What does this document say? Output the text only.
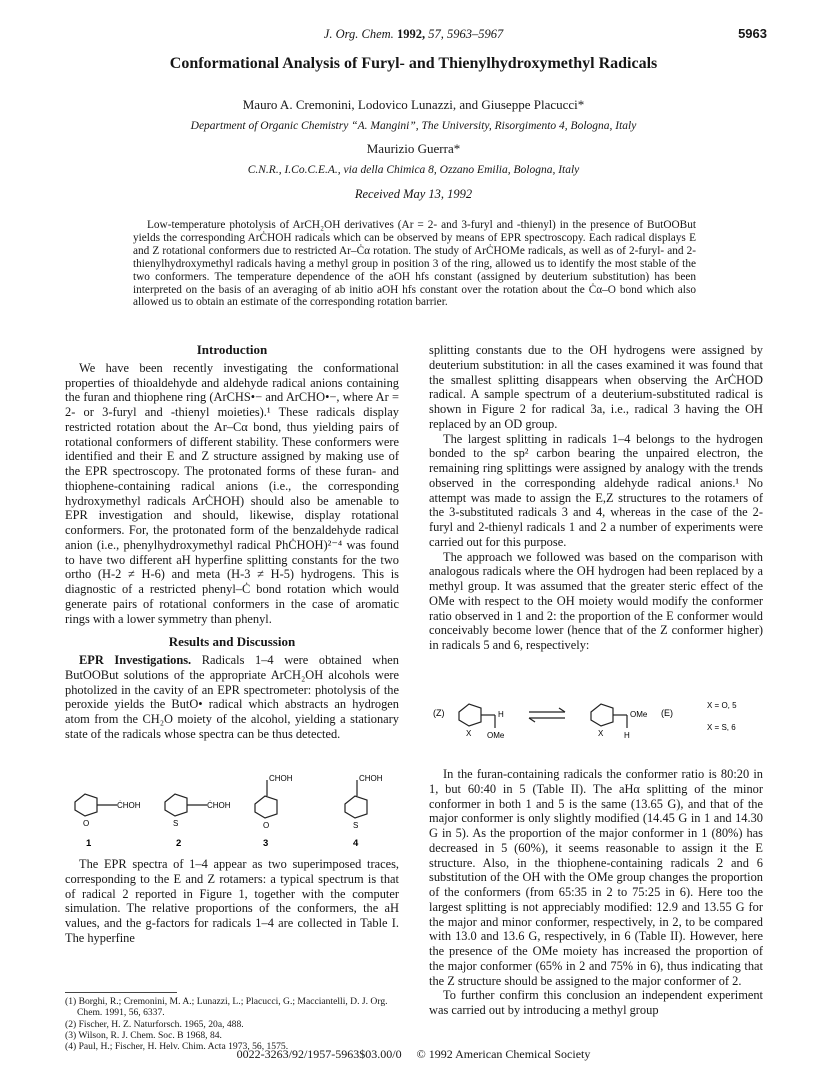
J. Org. Chem. 1992, 57, 5963–5967	5963
Conformational Analysis of Furyl- and Thienylhydroxymethyl Radicals
Mauro A. Cremonini, Lodovico Lunazzi, and Giuseppe Placucci*
Department of Organic Chemistry “A. Mangini”, The University, Risorgimento 4, Bologna, Italy
Maurizio Guerra*
C.N.R., I.Co.C.E.A., via della Chimica 8, Ozzano Emilia, Bologna, Italy
Received May 13, 1992
Low-temperature photolysis of ArCH₂OH derivatives (Ar = 2- and 3-furyl and -thienyl) in the presence of ButOOBut yields the corresponding ArĊHOH radicals which can be observed by means of EPR spectroscopy. Each radical displays E and Z rotational conformers due to restricted Ar–Ċα rotation. The study of ArĊHOMe radicals, as well as of 2-furyl- and 2-thienylhydroxymethyl radicals having a methyl group in position 3 of the ring, allowed us to identify the most stable of the two conformers. The temperature dependence of the aOH hfs constant (assigned by deuterium substitution) has been interpreted on the basis of an averaging of ab initio aOH hfs constant over the rotation about the Ċα–O bond which also allowed us to obtain an estimate of the corresponding rotation barrier.
Introduction

We have been recently investigating the conformational properties of thioaldehyde and aldehyde radical anions containing the furan and thiophene ring (ArCHS•− and ArCHO•−, where Ar = 2- or 3-furyl and -thienyl moieties).¹ These radicals display restricted rotation about the Ar–Cα bond, thus yielding pairs of rotational conformers of different stability. These conformers were identified and their E and Z structure assigned by making use of the EPR spectroscopy. The protonated forms of these furan- and thiophene-containing radical anions (i.e., the corresponding hydroxymethyl radicals ArĊHOH) should also be amenable to EPR investigation and should, likewise, display rotational conformers. For, the protonated form of the benzaldehyde radical anion (i.e., phenylhydroxymethyl radical PhĊHOH)²⁻⁴ was found to have two different aH hyperfine splitting constants for the two ortho (H-2 ≠ H-6) and meta (H-3 ≠ H-5) hydrogens. This is diagnostic of a restricted phenyl–Ċ bond rotation which would generate pairs of rotational conformers in the case of aromatic rings with a lower symmetry than phenyl.

Results and Discussion

EPR Investigations. Radicals 1–4 were obtained when ButOOBut solutions of the appropriate ArCH₂OH alcohols were photolized in the cavity of an EPR spectrometer: photolysis of the peroxide yields the ButO• radical which abstracts an hydrogen atom from the CH₂O moiety of the alcohol, yielding a stationary state of the radicals whose spectra can be thus detected.

O
ĊHOH
1
S
ĊHOH
2
ĊHOH
O
3
ĊHOH
S
4

The EPR spectra of 1–4 appear as two superimposed traces, corresponding to the E and Z rotamers: a typical spectrum is that of radical 2 reported in Figure 1, together with the computer simulation. The relative proportions of the conformers, the aH values, and the g-factors for radicals 1–4 are collected in Table I. The hyperfine

(1) Borghi, R.; Cremonini, M. A.; Lunazzi, L.; Placucci, G.; Macciantelli, D. J. Org. Chem. 1991, 56, 6337.
(2) Fischer, H. Z. Naturforsch. 1965, 20a, 488.
(3) Wilson, R. J. Chem. Soc. B 1968, 84.
(4) Paul, H.; Fischer, H. Helv. Chim. Acta 1973, 56, 1575.

splitting constants due to the OH hydrogens were assigned by deuterium substitution: in all the cases examined it was found that the smallest splitting disappears when observing the ArĊHOD radical. A sample spectrum of a deuterium-substituted radical is shown in Figure 2 for radical 3a, i.e., radical 3 having the OH replaced by an OD group.

The largest splitting in radicals 1–4 belongs to the hydrogen bonded to the sp² carbon bearing the unpaired electron, the remaining ring splittings were assigned by analogy with the trends observed in the corresponding aldehyde radical anions.¹ No attempt was made to assign the E,Z structures to the rotamers of the 3-substituted radicals 3 and 4, whereas in the case of the 2-furyl and 2-thienyl radicals 1 and 2 a number of experiments were carried out for this purpose.

The approach we followed was based on the comparison with analogous radicals where the OH hydrogen had been replaced by a methyl group. It was assumed that the greater steric effect of the OMe with respect to the OH moiety would modify the conformer ratio observed in 1 and 2: the proportion of the E conformer would conceivably become lower (hence that of the Z conformer higher) in radicals 5 and 6, respectively:

(Z)
X
H
OMe	X
OMe
H
(E)
X = O, 5
X = S, 6

In the furan-containing radicals the conformer ratio is 80:20 in 1, but 60:40 in 5 (Table II). The aHα splitting of the minor conformer in both 1 and 5 is the same (13.65 G), and that of the major conformer is only slightly modified (14.45 G in 1 and 14.30 G in 5). As the proportion of the major conformer in 1 (80%) has decreased in 5 (60%), it seems reasonable to assign it the E structure. Also, in the thiophene-containing radicals 2 and 6 substitution of the OH with the OMe group changes the proportion of the conformers (from 65:35 in 2 to 75:25 in 6). Here too the largest splitting is not appreciably modified: 12.9 and 13.55 G for the major and minor conformer, respectively, in 2, to be compared with 13.0 and 13.6 G, respectively, in 6 (Table II). However, here the presence of the OMe moiety has increased the proportion of the major conformer (65% in 2 and 75% in 6), thus indicating that the Z structure should be assigned to the major conformer of 2.

To further confirm this conclusion an independent experiment was carried out by introducing a methyl group

0022-3263/92/1957-5963$03.00/0 © 1992 American Chemical Society
